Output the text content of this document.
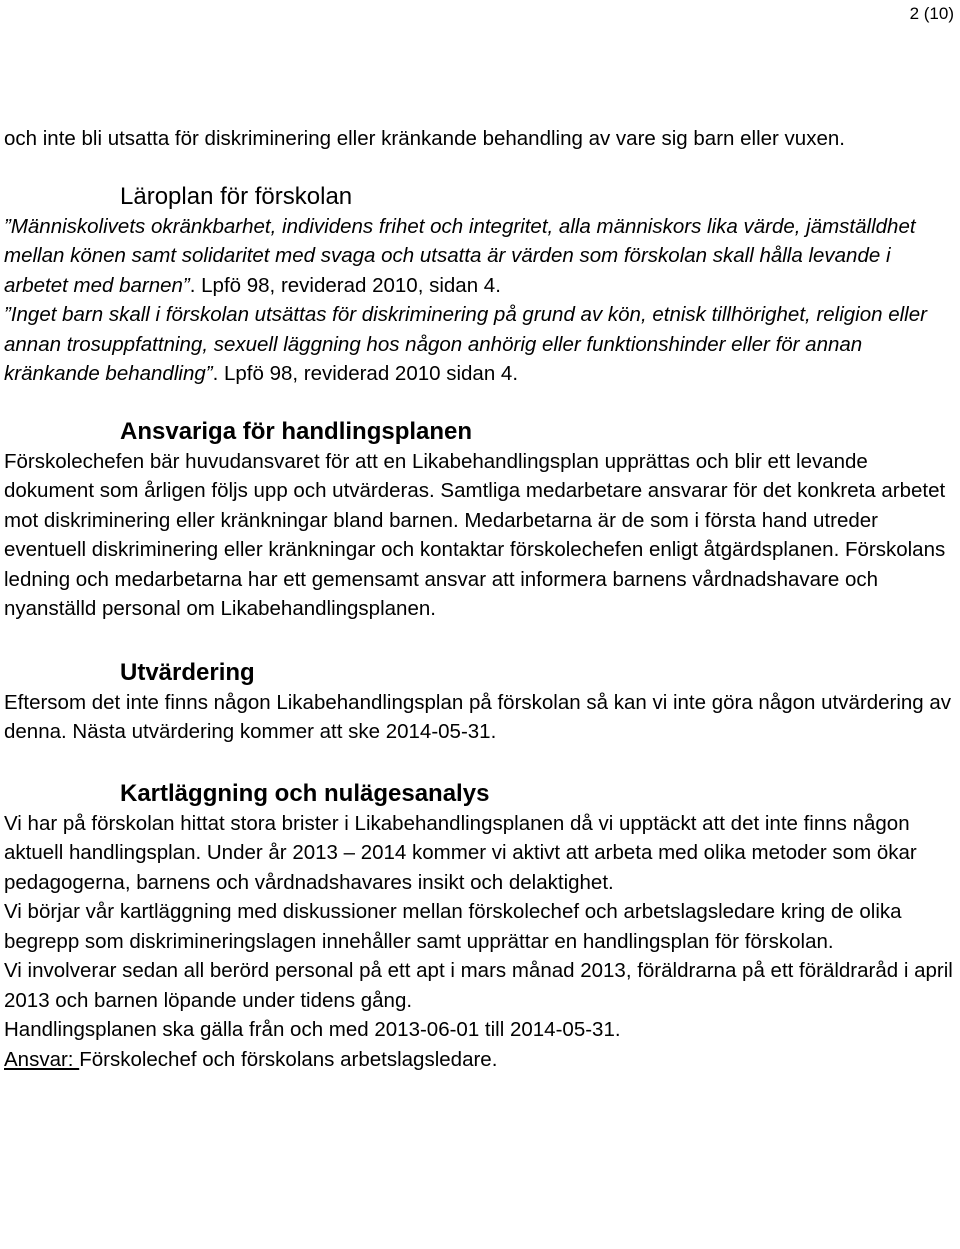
2 (10)

och inte bli utsatta för diskriminering eller kränkande behandling av vare sig barn eller vuxen.

Läroplan för förskolan

”Människolivets okränkbarhet, individens frihet och integritet, alla människors lika värde, jämställdhet mellan könen samt solidaritet med svaga och utsatta är värden som förskolan skall hålla levande i arbetet med barnen”. Lpfö 98, reviderad 2010, sidan 4.

”Inget barn skall i förskolan utsättas för diskriminering på grund av kön, etnisk tillhörighet, religion eller annan trosuppfattning, sexuell läggning hos någon anhörig eller funktionshinder eller för annan kränkande behandling”. Lpfö 98, reviderad 2010 sidan 4.

Ansvariga för handlingsplanen

Förskolechefen bär huvudansvaret för att en Likabehandlingsplan upprättas och blir ett levande dokument som årligen följs upp och utvärderas. Samtliga medarbetare ansvarar för det konkreta arbetet mot diskriminering eller kränkningar bland barnen. Medarbetarna är de som i första hand utreder eventuell diskriminering eller kränkningar och kontaktar förskolechefen enligt åtgärdsplanen. Förskolans ledning och medarbetarna har ett gemensamt ansvar att informera barnens vårdnadshavare och nyanställd personal om Likabehandlingsplanen.

Utvärdering

Eftersom det inte finns någon Likabehandlingsplan på förskolan så kan vi inte göra någon utvärdering av denna. Nästa utvärdering kommer att ske 2014-05-31.

Kartläggning och nulägesanalys

Vi har på förskolan hittat stora brister i Likabehandlingsplanen då vi upptäckt att det inte finns någon aktuell handlingsplan. Under år 2013 – 2014 kommer vi aktivt att arbeta med olika metoder som ökar pedagogerna, barnens och vårdnadshavares insikt och delaktighet.

Vi börjar vår kartläggning med diskussioner mellan förskolechef och arbetslagsledare kring de olika begrepp som diskrimineringslagen innehåller samt upprättar en handlingsplan för förskolan.

Vi involverar sedan all berörd personal på ett apt i mars månad 2013, föräldrarna på ett föräldraråd i april 2013 och barnen löpande under tidens gång.

Handlingsplanen ska gälla från och med 2013-06-01 till 2014-05-31.

Ansvar: Förskolechef och förskolans arbetslagsledare.
